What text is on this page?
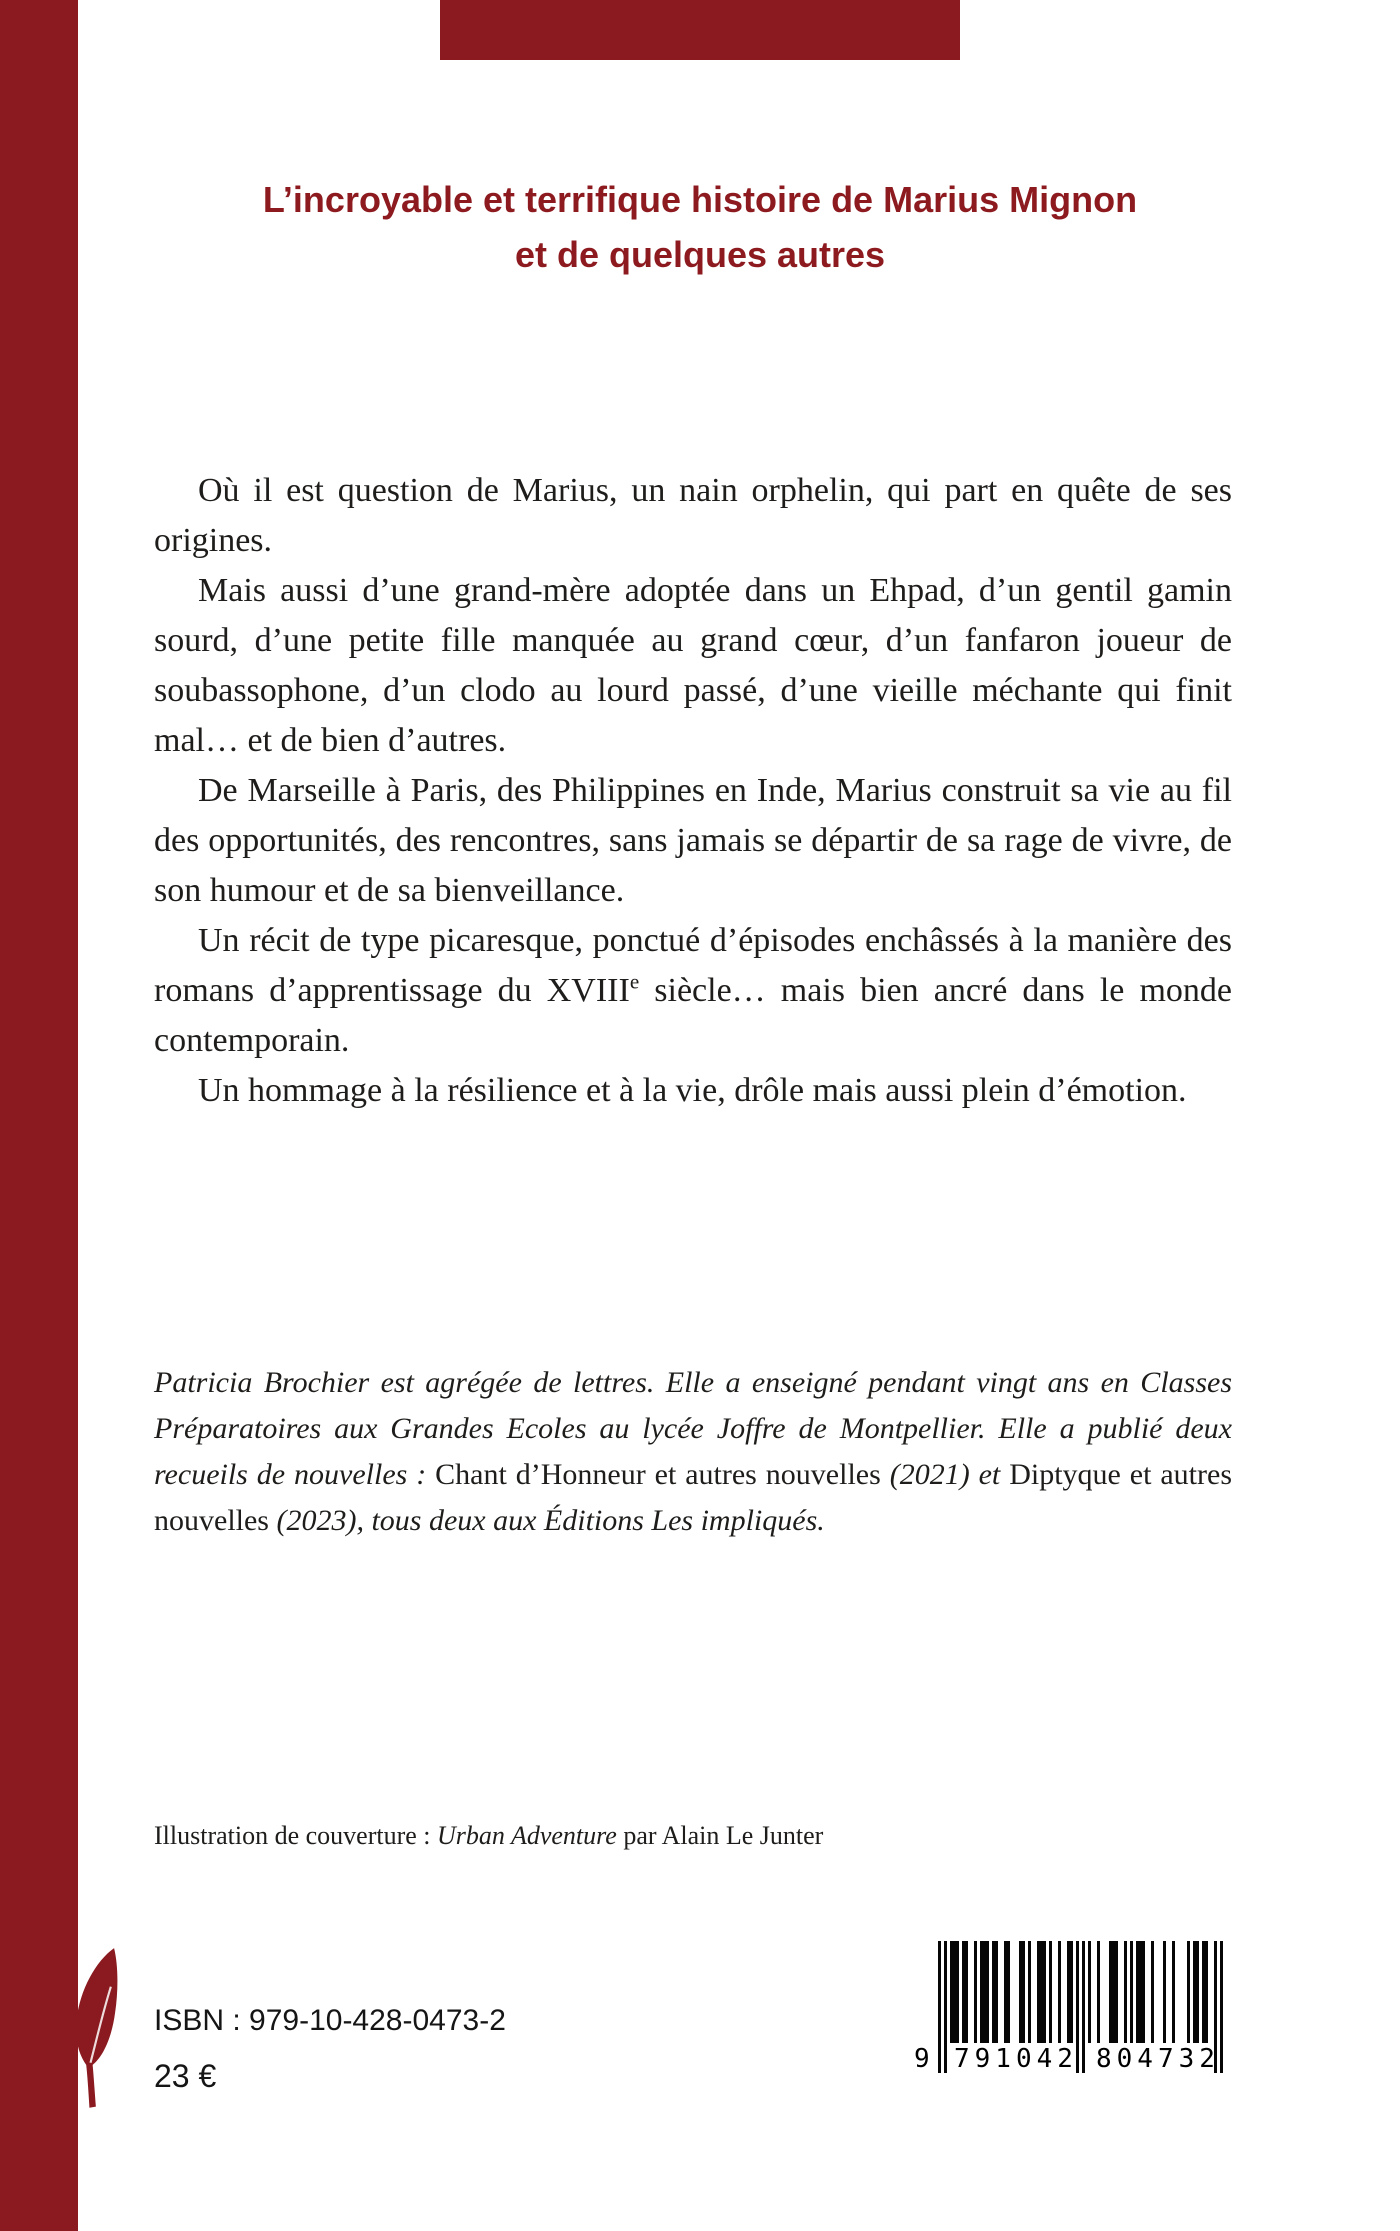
L’incroyable et terrifique histoire de Marius Mignon
et de quelques autres

Où il est question de Marius, un nain orphelin, qui part en quête de ses origines.

Mais aussi d’une grand-mère adoptée dans un Ehpad, d’un gentil gamin sourd, d’une petite fille manquée au grand cœur, d’un fanfaron joueur de soubassophone, d’un clodo au lourd passé, d’une vieille méchante qui finit mal… et de bien d’autres.

De Marseille à Paris, des Philippines en Inde, Marius construit sa vie au fil des opportunités, des rencontres, sans jamais se départir de sa rage de vivre, de son humour et de sa bienveillance.

Un récit de type picaresque, ponctué d’épisodes enchâssés à la manière des romans d’apprentissage du XVIIIe siècle… mais bien ancré dans le monde contemporain.

Un hommage à la résilience et à la vie, drôle mais aussi plein d’émotion.

Patricia Brochier est agrégée de lettres. Elle a enseigné pendant vingt ans en Classes Préparatoires aux Grandes Ecoles au lycée Joffre de Montpellier. Elle a publié deux recueils de nouvelles : Chant d’Honneur et autres nouvelles (2021) et Diptyque et autres nouvelles (2023), tous deux aux Éditions Les impliqués.

Illustration de couverture : Urban Adventure par Alain Le Junter

ISBN : 979-10-428-0473-2
23 €	9 791042 804732
